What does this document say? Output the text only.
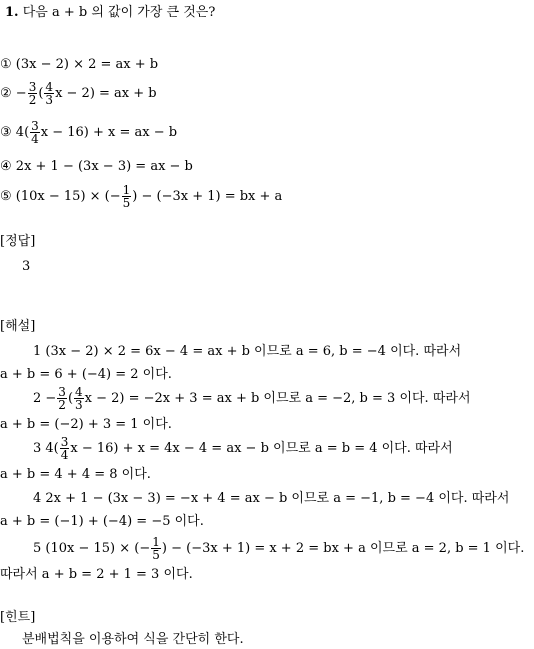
1. 다음 a + b 의 값이 가장 큰 것은?
① (3x − 2) × 2 = ax + b
② − $\frac{3}{2}$ ( $\frac{4}{3}$ x − 2) = ax + b
③ $4( \frac{3}{4}$ x − 16) + x = ax − b
④ 2x + 1 − (3x − 3) = ax − b
⑤ (10x − 15) × (− $\frac{1}{5}$ ) − (−3x + 1) = bx + a
[정답]
3
[해설]
1 (3x − 2) × 2 = 6x − 4 = ax + b 이므로 a = 6, b = −4 이다. 따라서
a + b = 6 + (−4) = 2 이다.
$2 - \frac{3}{2}$ ( $\frac{4}{3}$ x − 2) = −2x + 3 = ax + b 이므로 a = −2, b = 3 이다. 따라서
a + b = (−2) + 3 = 1 이다.
3 $4( \frac{3}{4}$ x − 16) + x = 4x − 4 = ax − b 이므로 a = b = 4 이다. 따라서
a + b = 4 + 4 = 8 이다.
4 2x + 1 − (3x − 3) = −x + 4 = ax − b 이므로 a = −1, b = −4 이다. 따라서
a + b = (−1) + (−4) = −5 이다.
5 (10x − 15) × (− $\frac{1}{5}$ ) − (−3x + 1) = x + 2 = bx + a 이므로 a = 2, b = 1 이다.
따라서 a + b = 2 + 1 = 3 이다.
[힌트]
분배법칙을 이용하여 식을 간단히 한다.
